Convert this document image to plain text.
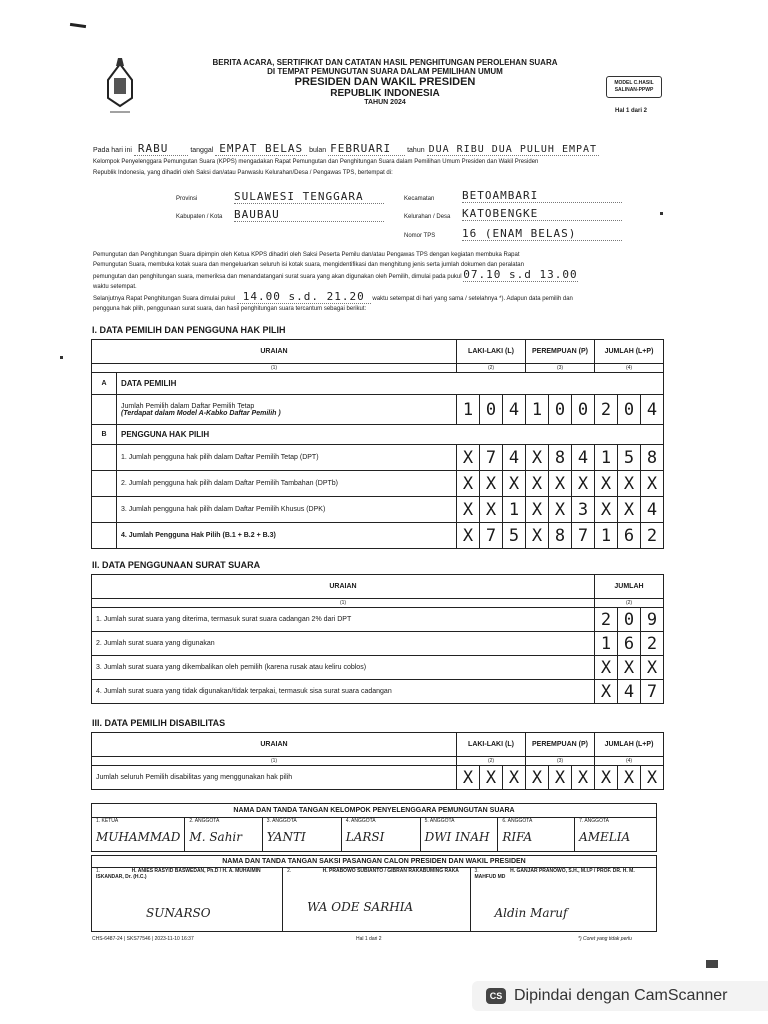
BERITA ACARA, SERTIFIKAT DAN CATATAN HASIL PENGHITUNGAN PEROLEHAN SUARA
DI TEMPAT PEMUNGUTAN SUARA DALAM PEMILIHAN UMUM
PRESIDEN DAN WAKIL PRESIDEN
REPUBLIK INDONESIA
TAHUN 2024
MODEL C.HASIL SALINAN-PPWP
Hal 1 dari 2
Pada hari ini RABU	tanggal EMPAT BELAS bulan FEBRUARI tahun DUA RIBU DUA PULUH EMPAT
Kelompok Penyelenggara Pemungutan Suara (KPPS) mengadakan Rapat Pemungutan dan Penghitungan Suara dalam Pemilihan Umum Presiden dan Wakil Presiden
Republik Indonesia, yang dihadiri oleh Saksi dan/atau Panwaslu Kelurahan/Desa / Pengawas TPS, bertempat di:
Provinsi	SULAWESI TENGGARA
Kabupaten / Kota BAUBAU
Kecamatan	BETOAMBARI
Kelurahan / Desa KATOBENGKE
Nomor TPS 16 (ENAM BELAS)
Pemungutan dan Penghitungan Suara dipimpin oleh Ketua KPPS dihadiri oleh Saksi Peserta Pemilu dan/atau Pengawas TPS dengan kegiatan membuka Rapat
Pemungutan Suara, membuka kotak suara dan mengeluarkan seluruh isi kotak suara, mengidentifikasi dan menghitung jenis serta jumlah dokumen dan peralatan
pemungutan dan penghitungan suara, memeriksa dan menandatangani surat suara yang akan digunakan oleh Pemilih, dimulai pada pukul 07.10 s.d 13.00
waktu setempat.
Selanjutnya Rapat Penghitungan Suara dimulai pukul 14.00 s.d. 21.20 waktu setempat di hari yang sama / setelahnya *). Adapun data pemilih dan
pengguna hak pilih, penggunaan surat suara, dan hasil penghitungan suara tercantum sebagai berikut:
I. DATA PEMILIH DAN PENGGUNA HAK PILIH
URAIAN		LAKI-LAKI (L)			PEREMPUAN (P)			JUMLAH (L+P)		
(1)		(2)			(3)			(4)		
A	DATA PEMILIH									

	Jumlah Pemilih dalam Daftar Pemilih Tetap
(Terdapat dalam Model A-Kabko Daftar Pemilih )	1	0	4	1	0	0	2	0	4
B	PENGGUNA HAK PILIH									
	1. Jumlah pengguna hak pilih dalam Daftar Pemilih Tetap (DPT)	X	7	4	X	8	4	1	5	8
	2. Jumlah pengguna hak pilih dalam Daftar Pemilih Tambahan (DPTb)	X	X	X	X	X	X	X	X	X
	3. Jumlah pengguna hak pilih dalam Daftar Pemilih Khusus (DPK)	X	X	1	X	X	3	X	X	4
	4. Jumlah Pengguna Hak Pilih (B.1 + B.2 + B.3)	X	7	5	X	8	7	1	6	2
II. DATA PENGGUNAAN SURAT SUARA
URAIAN	JUMLAH		
(1)	(2)		
1. Jumlah surat suara yang diterima, termasuk surat suara cadangan 2% dari DPT	2	0	9
2. Jumlah surat suara yang digunakan	1	6	2
3. Jumlah surat suara yang dikembalikan oleh pemilih (karena rusak atau keliru coblos)	X	X	X
4. Jumlah surat suara yang tidak digunakan/tidak terpakai, termasuk sisa surat suara cadangan	X	4	7
III. DATA PEMILIH DISABILITAS
URAIAN	LAKI-LAKI (L)			PEREMPUAN (P)			JUMLAH (L+P)		
(1)	(2)			(3)			(4)		
Jumlah seluruh Pemilih disabilitas yang menggunakan hak pilih	X	X	X	X	X	X	X	X	X
NAMA DAN TANDA TANGAN KELOMPOK PENYELENGGARA PEMUNGUTAN SUARA

1. KETUA
MUHAMMAD

2. ANGGOTA
M. Sahir

3. ANGGOTA
YANTI

4. ANGGOTA
LARSI

5. ANGGOTA
DWI INAH

6. ANGGOTA
RIFA

7. ANGGOTA
AMELIA
NAMA DAN TANDA TANGAN SAKSI PASANGAN CALON PRESIDEN DAN WAKIL PRESIDEN
1.	H. ANIES RASYID BASWEDAN, Ph.D / H. A. MUHAIMIN ISKANDAR, Dr. (H.C.)
SUNARSO
	2.	H. PRABOWO SUBIANTO / GIBRAN RAKABUMING RAKA
WA ODE SARHIA
	3.	H. GANJAR PRANOWO, S.H., M.I.P / PROF. DR. H. M. MAHFUD MD
Aldin Maruf
CHS-6487-24 | SKS77546 | 2023-11-10 16:37	Hal 1 dari 2	*) Coret yang tidak perlu
CS Dipindai dengan CamScanner
